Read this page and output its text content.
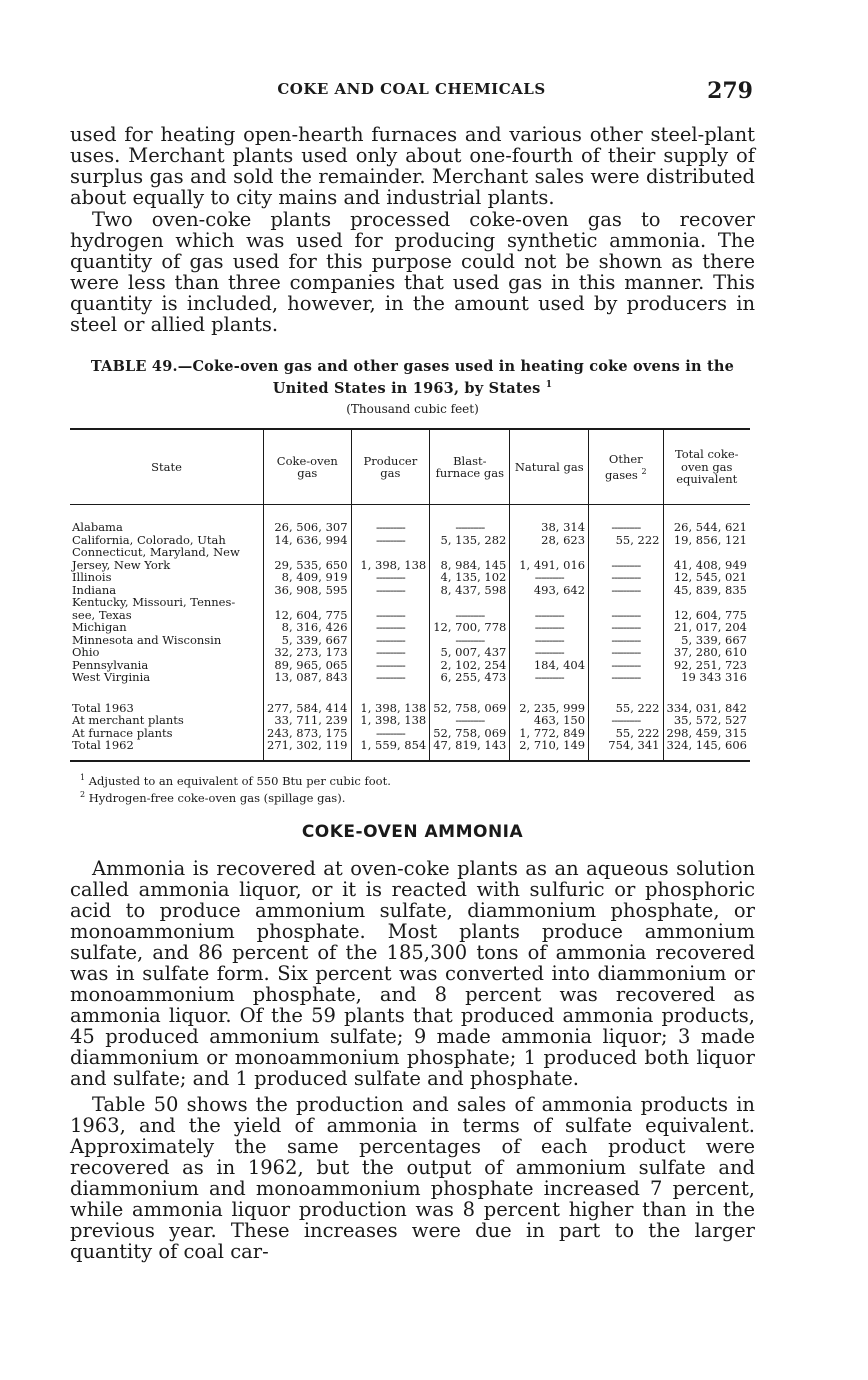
COKE AND COAL CHEMICALS	279

used for heating open-hearth furnaces and various other steel-plant uses. Merchant plants used only about one-fourth of their supply of surplus gas and sold the remainder. Merchant sales were distributed about equally to city mains and industrial plants.

Two oven-coke plants processed coke-oven gas to recover hydrogen which was used for producing synthetic ammonia. The quantity of gas used for this purpose could not be shown as there were less than three companies that used gas in this manner. This quantity is included, however, in the amount used by producers in steel or allied plants.

TABLE 49.—Coke-oven gas and other gases used in heating coke ovens in the
United States in 1963, by States $^1$
(Thousand cubic feet)
State	Coke-oven gas	Producer gas	Blast-furnace gas	Natural gas	Other gases $^2$	Total coke-oven gas equivalent
Alabama	26, 506, 307	----------	----------	38, 314	----------	26, 544, 621
California, Colorado, Utah	14, 636, 994	----------	5, 135, 282	28, 623	55, 222	19, 856, 121
Connecticut, Maryland, New						
Jersey, New York	29, 535, 650	1, 398, 138	8, 984, 145	1, 491, 016	----------	41, 408, 949
Illinois	8, 409, 919	----------	4, 135, 102	----------	----------	12, 545, 021
Indiana	36, 908, 595	----------	8, 437, 598	493, 642	----------	45, 839, 835
Kentucky, Missouri, Tennes-						
see, Texas	12, 604, 775	----------	----------	----------	----------	12, 604, 775
Michigan	8, 316, 426	----------	12, 700, 778	----------	----------	21, 017, 204
Minnesota and Wisconsin	5, 339, 667	----------	----------	----------	----------	5, 339, 667
Ohio	32, 273, 173	----------	5, 007, 437	----------	----------	37, 280, 610
Pennsylvania	89, 965, 065	----------	2, 102, 254	184, 404	----------	92, 251, 723
West Virginia	13, 087, 843	----------	6, 255, 473	----------	----------	19 343 316
Total 1963	277, 584, 414	1, 398, 138	52, 758, 069	2, 235, 999	55, 222	334, 031, 842
At merchant plants	33, 711, 239	1, 398, 138	----------	463, 150	----------	35, 572, 527
At furnace plants	243, 873, 175	----------	52, 758, 069	1, 772, 849	55, 222	298, 459, 315
Total 1962	271, 302, 119	1, 559, 854	47, 819, 143	2, 710, 149	754, 341	324, 145, 606
$^1$ Adjusted to an equivalent of 550 Btu per cubic foot.
$^2$ Hydrogen-free coke-oven gas (spillage gas).
COKE-OVEN AMMONIA

Ammonia is recovered at oven-coke plants as an aqueous solution called ammonia liquor, or it is reacted with sulfuric or phosphoric acid to produce ammonium sulfate, diammonium phosphate, or monoammonium phosphate. Most plants produce ammonium sulfate, and 86 percent of the 185,300 tons of ammonia recovered was in sulfate form. Six percent was converted into diammonium or monoammonium phosphate, and 8 percent was recovered as ammonia liquor. Of the 59 plants that produced ammonia products, 45 produced ammonium sulfate; 9 made ammonia liquor; 3 made diammonium or monoammonium phosphate; 1 produced both liquor and sulfate; and 1 produced sulfate and phosphate.

Table 50 shows the production and sales of ammonia products in 1963, and the yield of ammonia in terms of sulfate equivalent. Approximately the same percentages of each product were recovered as in 1962, but the output of ammonium sulfate and diammonium and monoammonium phosphate increased 7 percent, while ammonia liquor production was 8 percent higher than in the previous year. These increases were due in part to the larger quantity of coal car-
